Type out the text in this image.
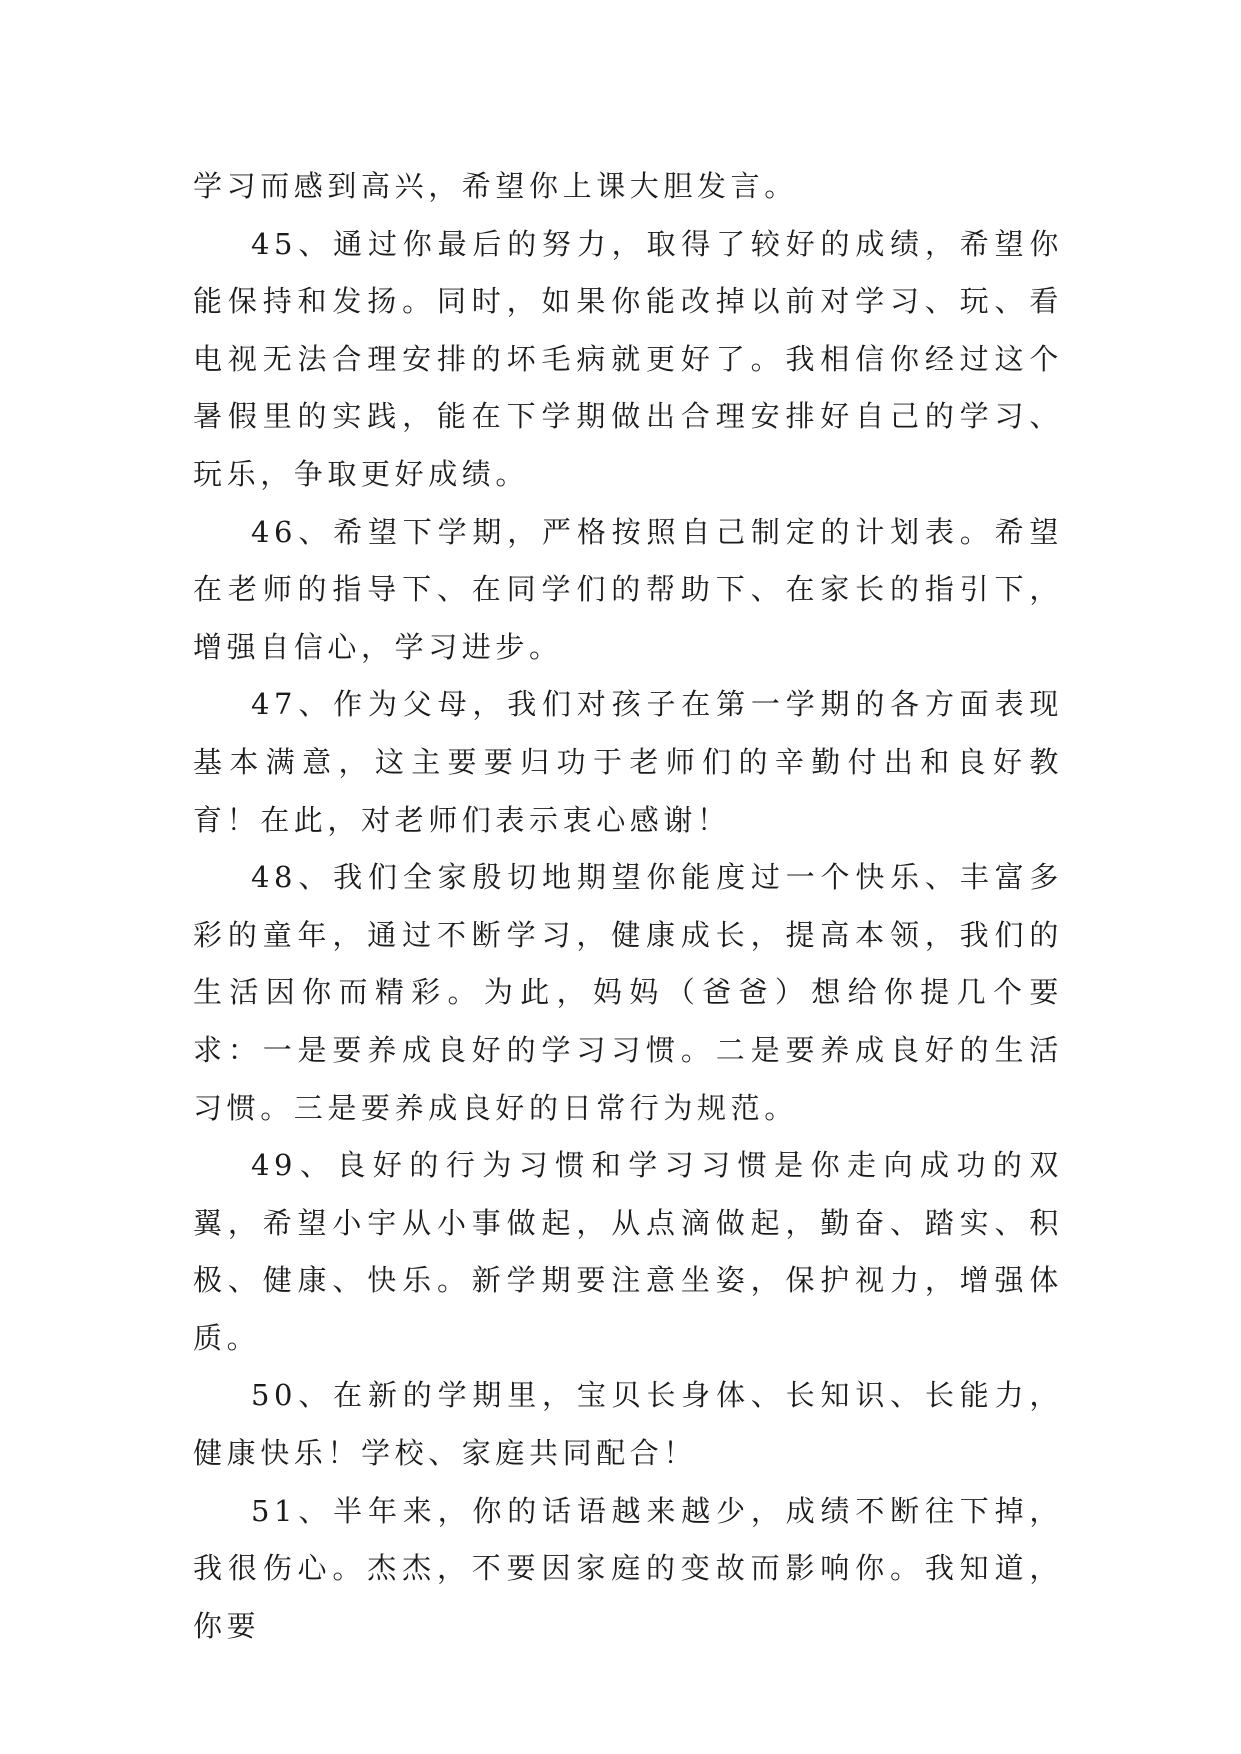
学习而感到高兴，希望你上课大胆发言。

45、通过你最后的努力，取得了较好的成绩，希望你能保持和发扬。同时，如果你能改掉以前对学习、玩、看电视无法合理安排的坏毛病就更好了。我相信你经过这个暑假里的实践，能在下学期做出合理安排好自己的学习、玩乐，争取更好成绩。

46、希望下学期，严格按照自己制定的计划表。希望在老师的指导下、在同学们的帮助下、在家长的指引下，增强自信心，学习进步。

47、作为父母，我们对孩子在第一学期的各方面表现基本满意，这主要要归功于老师们的辛勤付出和良好教育！在此，对老师们表示衷心感谢！

48、我们全家殷切地期望你能度过一个快乐、丰富多彩的童年，通过不断学习，健康成长，提高本领，我们的生活因你而精彩。为此，妈妈（爸爸）想给你提几个要求：一是要养成良好的学习习惯。二是要养成良好的生活习惯。三是要养成良好的日常行为规范。

49、良好的行为习惯和学习习惯是你走向成功的双翼，希望小宇从小事做起，从点滴做起，勤奋、踏实、积极、健康、快乐。新学期要注意坐姿，保护视力，增强体质。

50、在新的学期里，宝贝长身体、长知识、长能力，健康快乐！学校、家庭共同配合！

51、半年来，你的话语越来越少，成绩不断往下掉，我很伤心。杰杰，不要因家庭的变故而影响你。我知道，你要
